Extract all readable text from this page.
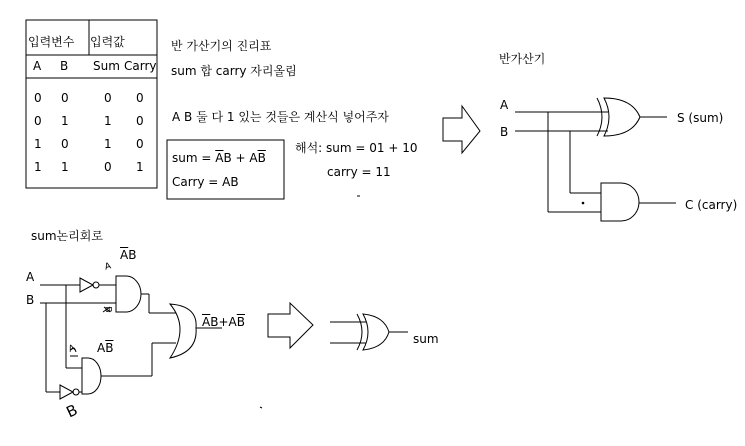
입력변수 입력값
A B Sum Carry
0 0	0 0
0 1	1 0
1 0	1 0
1 1	0 1
반 가산기의 진리표
sum 합 carry 자리올림
A B 둘 다 1 있는 것들은 계산식 넣어주자
sum = $\overline{A}B + A\overline{B}$
Carry = AB
해석: sum = 01 + 10
carry = 11
반가산기
A
B
S (sum)
C (carry)
sum논리회로
A
B
$\overline{A}B$
$A\overline{B}$
$\overline{A}B+A\overline{B}$
A
B
A
B
sum
